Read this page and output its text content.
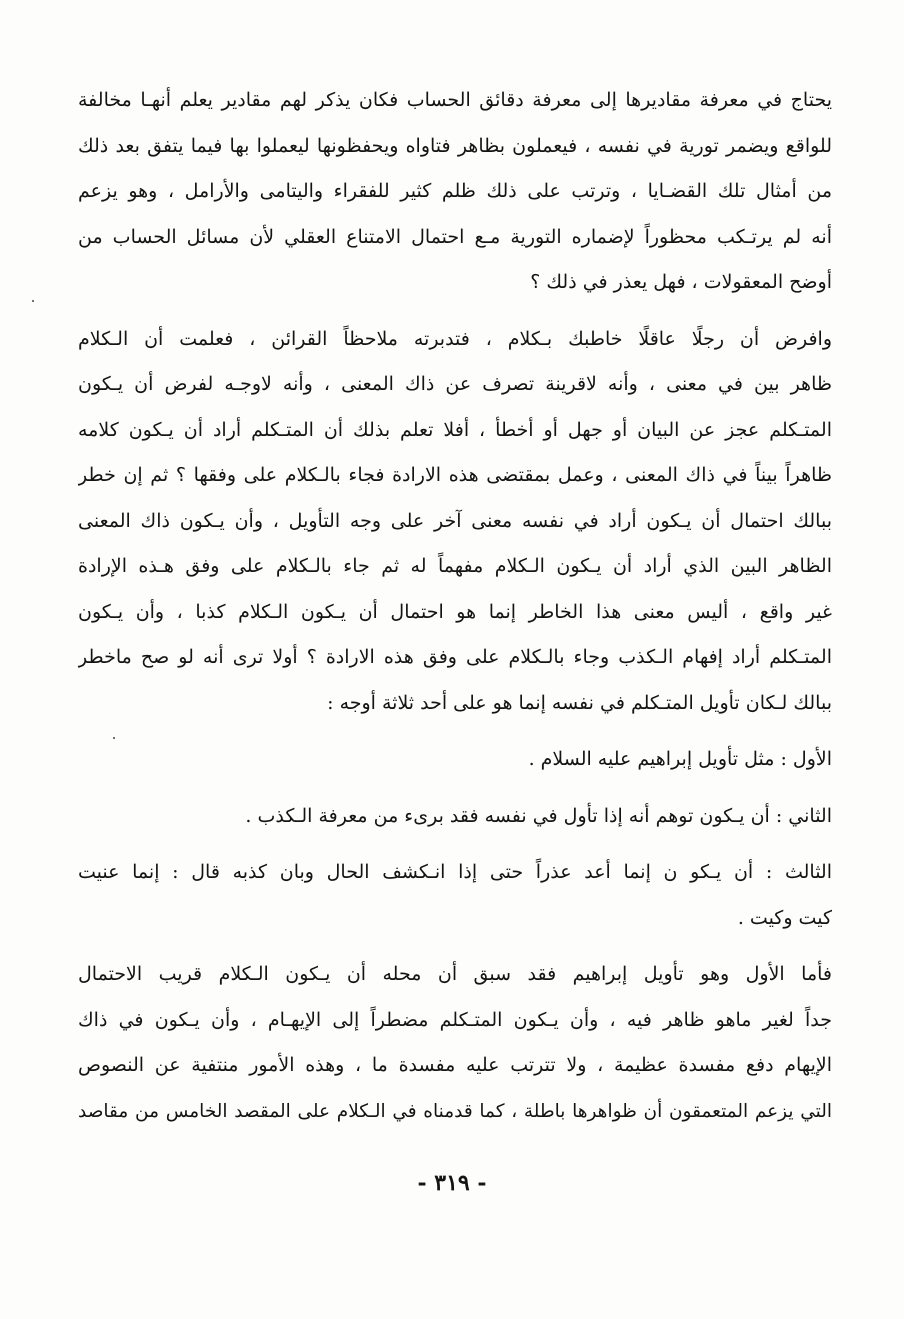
يحتاج في معرفة مقاديرها إلى معرفة دقائق الحساب فكان يذكر لهم مقادير يعلم أنهـا مخالفة
للواقع ويضمر تورية في نفسه ، فيعملون بظاهر فتاواه ويحفظونها ليعملوا بها فيما يتفق بعد ذلك
من أمثال تلك القضـايا ، وترتب على ذلك ظلم كثير للفقراء واليتامى والأرامل ، وهو يزعم
أنه لم يرتـكب محظوراً لإضماره التورية مـع احتمال الامتناع العقلي لأن مسائل الحساب من
أوضح المعقولات ، فهل يعذر في ذلك ؟
وافرض أن رجلًا عاقلًا خاطبك بـكلام ، فتدبرته ملاحظاً القرائن ، فعلمت أن الـكلام
ظاهر بين في معنى ، وأنه لاقرينة تصرف عن ذاك المعنى ، وأنه لاوجـه لفرض أن يـكون
المتـكلم عجز عن البيان أو جهل أو أخطأ ، أفلا تعلم بذلك أن المتـكلم أراد أن يـكون كلامه
ظاهراً بيناً في ذاك المعنى ، وعمل بمقتضى هذه الارادة فجاء بالـكلام على وفقها ؟ ثم إن خطر
ببالك احتمال أن يـكون أراد في نفسه معنى آخر على وجه التأويل ، وأن يـكون ذاك المعنى
الظاهر البين الذي أراد أن يـكون الـكلام مفهماً له ثم جاء بالـكلام على وفق هـذه الإرادة
غير واقع ، أليس معنى هذا الخاطر إنما هو احتمال أن يـكون الـكلام كذبا ، وأن يـكون
المتـكلم أراد إفهام الـكذب وجاء بالـكلام على وفق هذه الارادة ؟ أولا ترى أنه لو صح ماخطر
ببالك لـكان تأويل المتـكلم في نفسه إنما هو على أحد ثلاثة أوجه :
الأول : مثل تأويل إبراهيم عليه السلام .
الثاني : أن يـكون توهم أنه إذا تأول في نفسه فقد برىء من معرفة الـكذب .
الثالث : أن يـكو ن إنما أعد عذراً حتى إذا انـكشف الحال وبان كذبه قال : إنما عنيت
كيت وكيت .
فأما الأول وهو تأويل إبراهيم فقد سبق أن محله أن يـكون الـكلام قريب الاحتمال
جداً لغير ماهو ظاهر فيه ، وأن يـكون المتـكلم مضطراً إلى الإيهـام ، وأن يـكون في ذاك
الإيهام دفع مفسدة عظيمة ، ولا تترتب عليه مفسدة ما ، وهذه الأمور منتفية عن النصوص
التي يزعم المتعمقون أن ظواهرها باطلة ، كما قدمناه في الـكلام على المقصد الخامس من مقاصد
- ٣١٩ -
